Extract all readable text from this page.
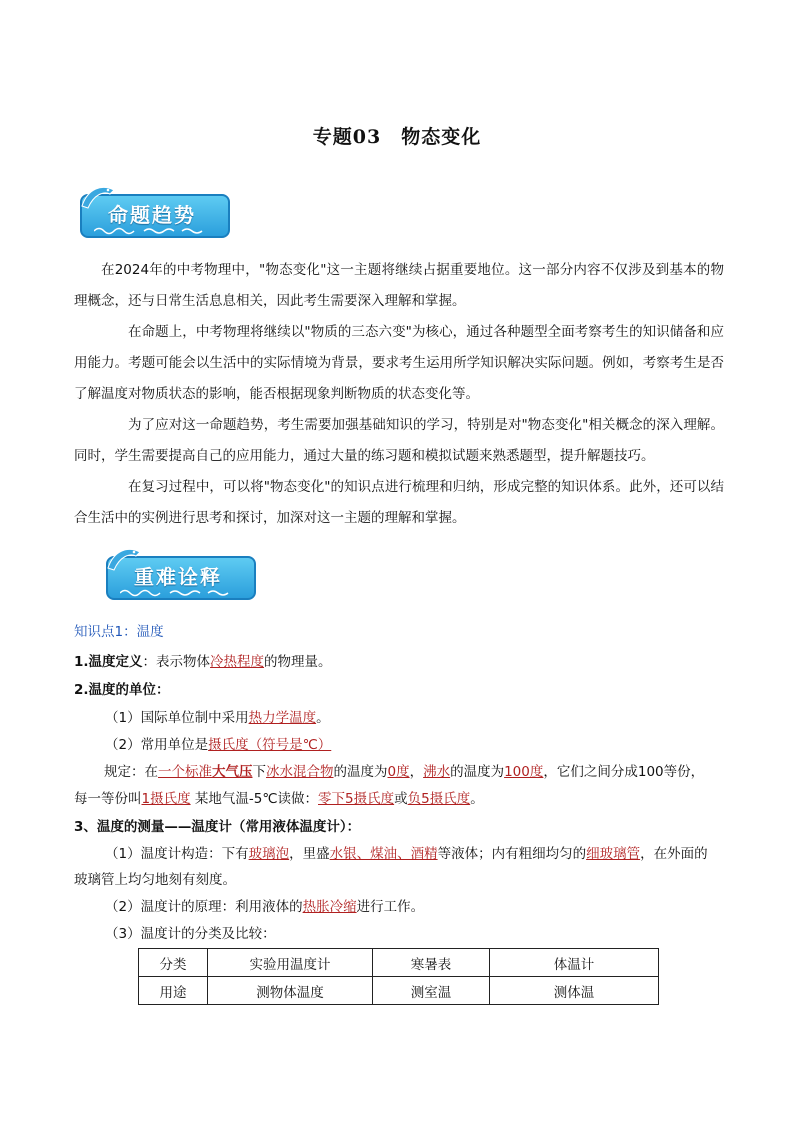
专题03　物态变化
命题趋势
在2024年的中考物理中，"物态变化"这一主题将继续占据重要地位。这一部分内容不仅涉及到基本的物理概念，还与日常生活息息相关，因此考生需要深入理解和掌握。
在命题上，中考物理将继续以"物质的三态六变"为核心，通过各种题型全面考察考生的知识储备和应用能力。考题可能会以生活中的实际情境为背景，要求考生运用所学知识解决实际问题。例如，考察考生是否了解温度对物质状态的影响，能否根据现象判断物质的状态变化等。
为了应对这一命题趋势，考生需要加强基础知识的学习，特别是对"物态变化"相关概念的深入理解。同时，学生需要提高自己的应用能力，通过大量的练习题和模拟试题来熟悉题型，提升解题技巧。
在复习过程中，可以将"物态变化"的知识点进行梳理和归纳，形成完整的知识体系。此外，还可以结合生活中的实例进行思考和探讨，加深对这一主题的理解和掌握。
重难诠释
知识点1：温度
1.温度定义：表示物体冷热程度的物理量。
2.温度的单位：
（1）国际单位制中采用热力学温度。
（2）常用单位是摄氏度（符号是℃）
规定：在一个标准大气压下冰水混合物的温度为0度，沸水的温度为100度，它们之间分成100等份，
每一等份叫1摄氏度 某地气温-5℃读做：零下5摄氏度或负5摄氏度。
3、温度的测量——温度计（常用液体温度计）：
（1）温度计构造：下有玻璃泡，里盛水银、煤油、酒精等液体；内有粗细均匀的细玻璃管，在外面的
玻璃管上均匀地刻有刻度。
（2）温度计的原理：利用液体的热胀冷缩进行工作。
（3）温度计的分类及比较：
分类	实验用温度计	寒暑表	体温计
用途	测物体温度	测室温	测体温
